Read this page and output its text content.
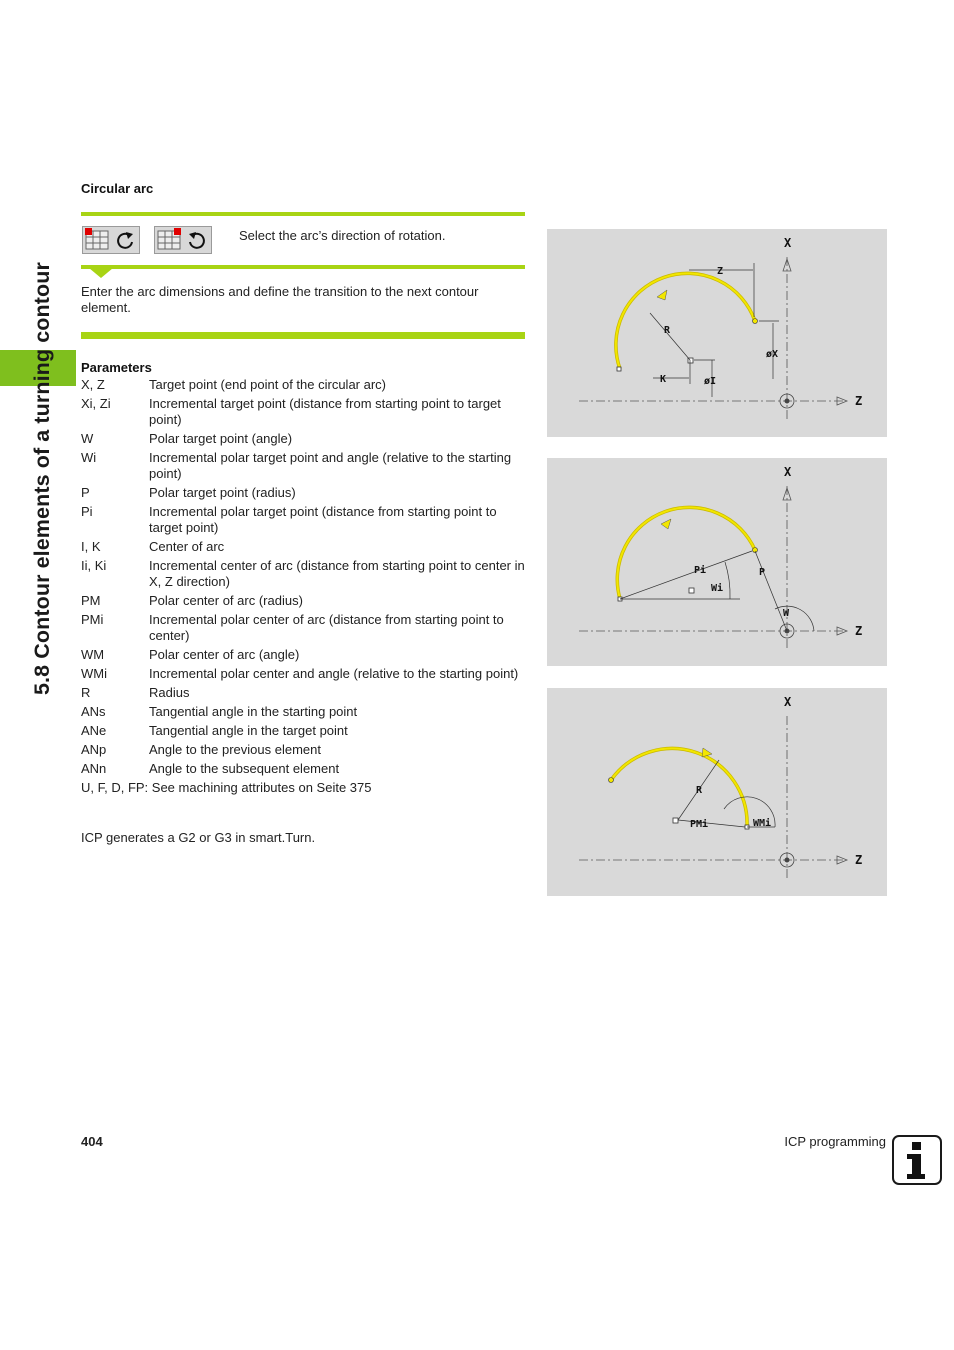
5.8 Contour elements of a turning contour
Circular arc
Select the arc’s direction of rotation.
Enter the arc dimensions and define the transition to the next contour element.
Parameters
X, Z	Target point (end point of the circular arc)
Xi, Zi	Incremental target point (distance from starting point to target point)
W	Polar target point (angle)
Wi	Incremental polar target point and angle (relative to the starting point)
P	Polar target point (radius)
Pi	Incremental polar target point (distance from starting point to target point)
I, K	Center of arc
Ii, Ki	Incremental center of arc (distance from starting point to center in X, Z direction)
PM	Polar center of arc (radius)
PMi	Incremental polar center of arc (distance from starting point to center)
WM	Polar center of arc (angle)
WMi	Incremental polar center and angle (relative to the starting point)
R	Radius
ANs	Tangential angle in the starting point
ANe	Tangential angle in the target point
ANp	Angle to the previous element
ANn	Angle to the subsequent element
U, F, D, FP: See machining attributes on Seite 375
ICP generates a G2 or G3 in smart.Turn.
X
Z
R
K	øI
Z
øX
X
Z
Pi
Wi
P
W
X
Z
R
PMi	WMi
404	ICP programming
